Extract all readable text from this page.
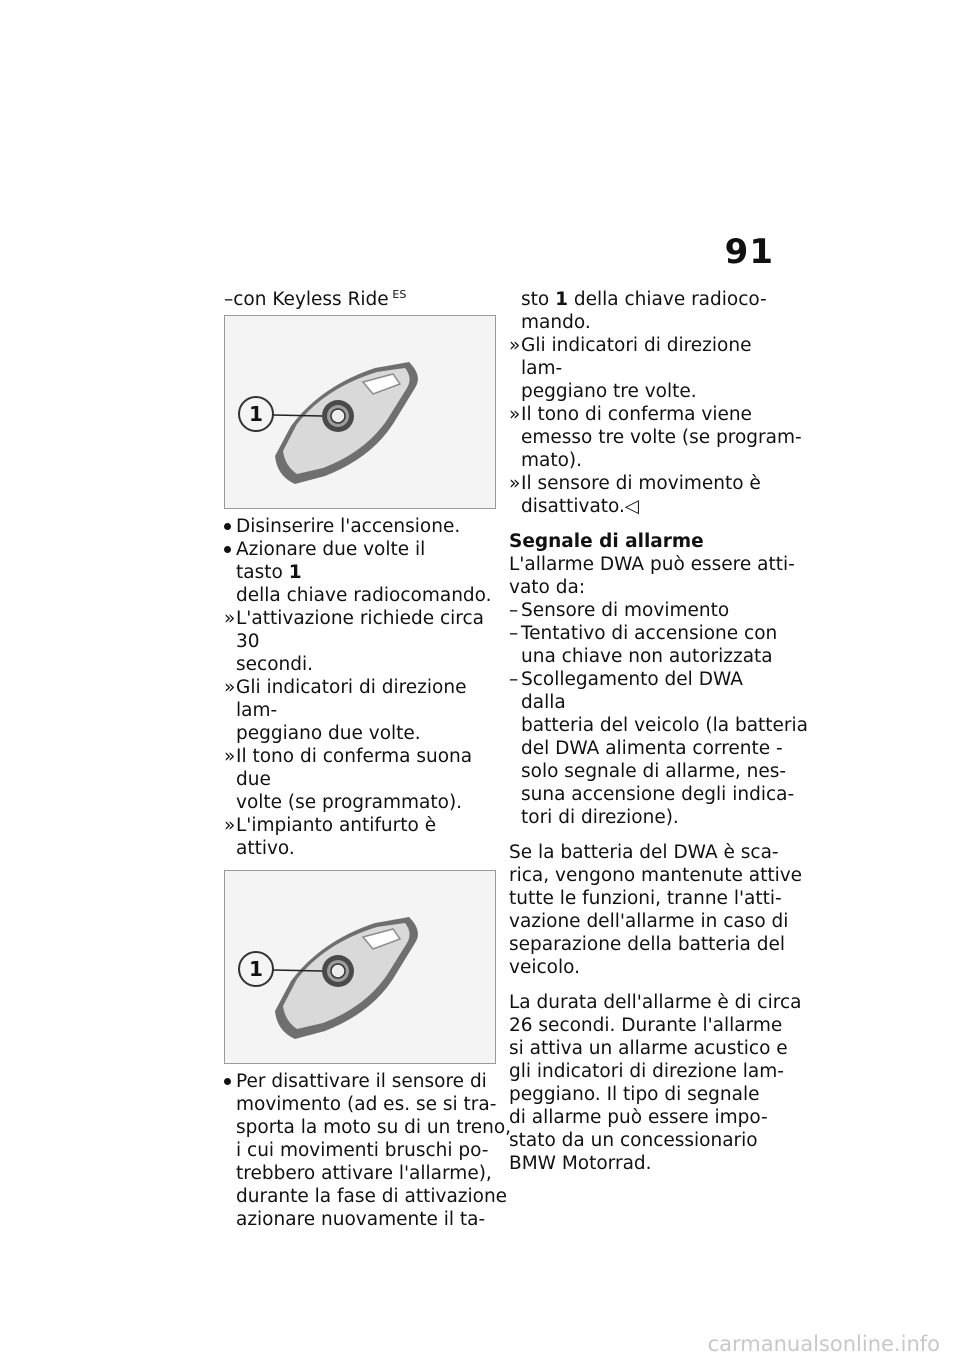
91
–con Keyless Ride  $^{ES}$
1
Disinserire l'accensione.
Azionare due volte il tasto 1
della chiave radiocomando.
» L'attivazione richiede circa 30
secondi.
» Gli indicatori di direzione lam-
peggiano due volte.
» Il tono di conferma suona due
volte (se programmato).
» L'impianto antifurto è attivo.
1
Per disattivare il sensore di
movimento (ad es. se si tra-
sporta la moto su di un treno,
i cui movimenti bruschi po-
trebbero attivare l'allarme),
durante la fase di attivazione
azionare nuovamente il ta-
sto 1 della chiave radioco-
mando.
» Gli indicatori di direzione lam-
peggiano tre volte.
» Il tono di conferma viene
emesso tre volte (se program-
mato).
» Il sensore di movimento è
disattivato.◁
Segnale di allarme
L'allarme DWA può essere atti-
vato da:
– Sensore di movimento
– Tentativo di accensione con
una chiave non autorizzata
– Scollegamento del DWA dalla
batteria del veicolo (la batteria
del DWA alimenta corrente -
solo segnale di allarme, nes-
suna accensione degli indica-
tori di direzione).
Se la batteria del DWA è sca-
rica, vengono mantenute attive
tutte le funzioni, tranne l'atti-
vazione dell'allarme in caso di
separazione della batteria del
veicolo.
La durata dell'allarme è di circa
26 secondi. Durante l'allarme
si attiva un allarme acustico e
gli indicatori di direzione lam-
peggiano. Il tipo di segnale
di allarme può essere impo-
stato da un concessionario
BMW Motorrad.
carmanualsonline.info
